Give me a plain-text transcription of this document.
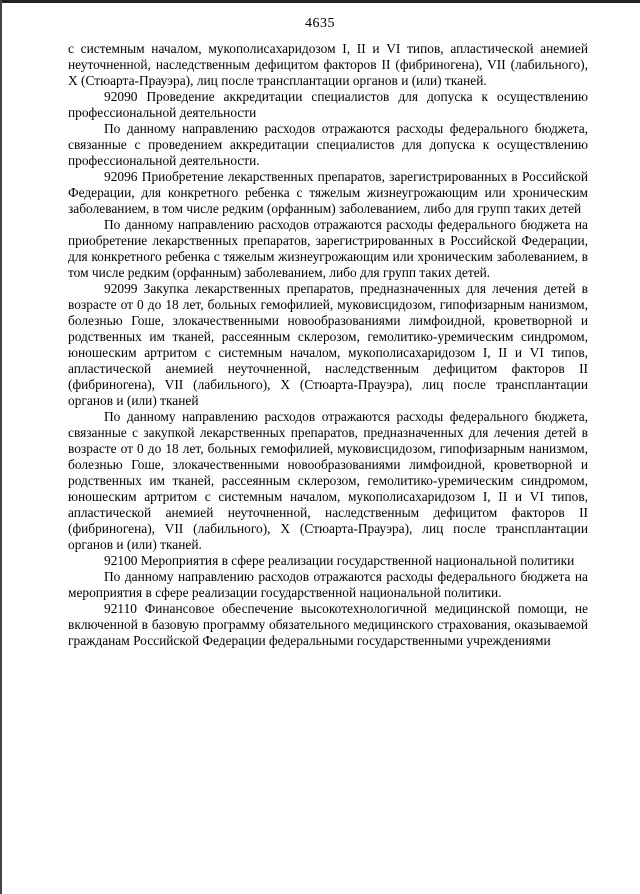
4635

с системным началом, мукополисахаридозом I, II и VI типов, апластической анемией неуточненной, наследственным дефицитом факторов II (фибриногена), VII (лабильного), X (Стюарта-Прауэра), лиц после трансплантации органов и (или) тканей.

92090 Проведение аккредитации специалистов для допуска к осуществлению профессиональной деятельности

По данному направлению расходов отражаются расходы федерального бюджета, связанные с проведением аккредитации специалистов для допуска к осуществлению профессиональной деятельности.

92096 Приобретение лекарственных препаратов, зарегистрированных в Российской Федерации, для конкретного ребенка с тяжелым жизнеугрожающим или хроническим заболеванием, в том числе редким (орфанным) заболеванием, либо для групп таких детей

По данному направлению расходов отражаются расходы федерального бюджета на приобретение лекарственных препаратов, зарегистрированных в Российской Федерации, для конкретного ребенка с тяжелым жизнеугрожающим или хроническим заболеванием, в том числе редким (орфанным) заболеванием, либо для групп таких детей.

92099 Закупка лекарственных препаратов, предназначенных для лечения детей в возрасте от 0 до 18 лет, больных гемофилией, муковисцидозом, гипофизарным нанизмом, болезнью Гоше, злокачественными новообразованиями лимфоидной, кроветворной и родственных им тканей, рассеянным склерозом, гемолитико-уремическим синдромом, юношеским артритом с системным началом, мукополисахаридозом I, II и VI типов, апластической анемией неуточненной, наследственным дефицитом факторов II (фибриногена), VII (лабильного), X (Стюарта-Прауэра), лиц после трансплантации органов и (или) тканей

По данному направлению расходов отражаются расходы федерального бюджета, связанные с закупкой лекарственных препаратов, предназначенных для лечения детей в возрасте от 0 до 18 лет, больных гемофилией, муковисцидозом, гипофизарным нанизмом, болезнью Гоше, злокачественными новообразованиями лимфоидной, кроветворной и родственных им тканей, рассеянным склерозом, гемолитико-уремическим синдромом, юношеским артритом с системным началом, мукополисахаридозом I, II и VI типов, апластической анемией неуточненной, наследственным дефицитом факторов II (фибриногена), VII (лабильного), X (Стюарта-Прауэра), лиц после трансплантации органов и (или) тканей.

92100 Мероприятия в сфере реализации государственной национальной политики

По данному направлению расходов отражаются расходы федерального бюджета на мероприятия в сфере реализации государственной национальной политики.

92110 Финансовое обеспечение высокотехнологичной медицинской помощи, не включенной в базовую программу обязательного медицинского страхования, оказываемой гражданам Российской Федерации федеральными государственными учреждениями
